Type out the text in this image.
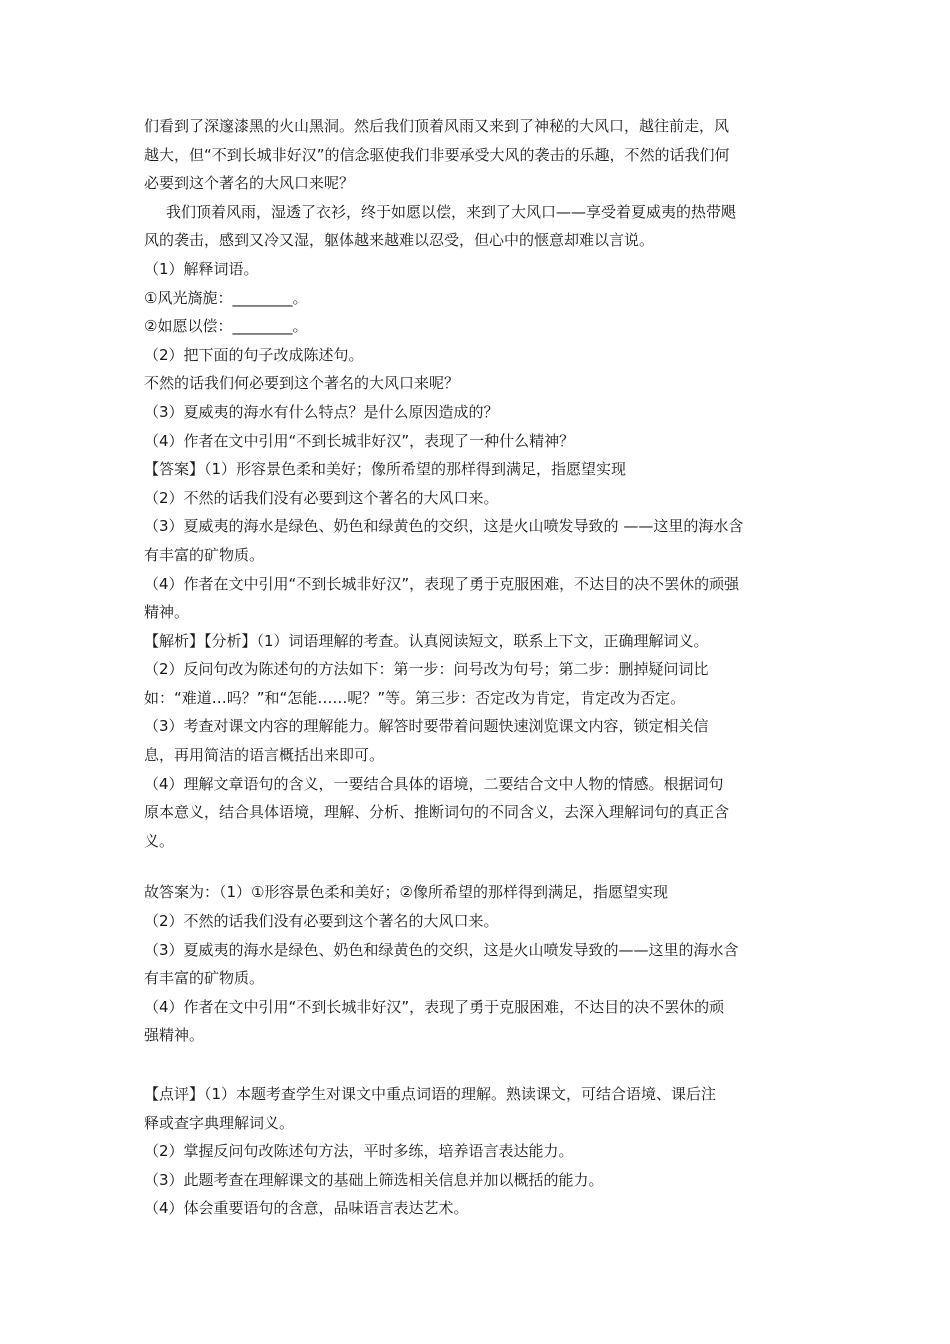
们看到了深邃漆黑的火山黑洞。然后我们顶着风雨又来到了神秘的大风口，越往前走，风
越大，但“不到长城非好汉”的信念驱使我们非要承受大风的袭击的乐趣，不然的话我们何
必要到这个著名的大风口来呢？
我们顶着风雨，湿透了衣衫，终于如愿以偿，来到了大风口——享受着夏威夷的热带飓
风的袭击，感到又冷又湿，躯体越来越难以忍受，但心中的惬意却难以言说。
（1）解释词语。
①风光旖旎：________。
②如愿以偿：________。
（2）把下面的句子改成陈述句。
不然的话我们何必要到这个著名的大风口来呢？
（3）夏威夷的海水有什么特点？是什么原因造成的？
（4）作者在文中引用“不到长城非好汉”，表现了一种什么精神？
【答案】（1）形容景色柔和美好；像所希望的那样得到满足，指愿望实现
（2）不然的话我们没有必要到这个著名的大风口来。
（3）夏威夷的海水是绿色、奶色和绿黄色的交织，这是火山喷发导致的 ——这里的海水含
有丰富的矿物质。
（4）作者在文中引用“不到长城非好汉”，表现了勇于克服困难，不达目的决不罢休的顽强
精神。
【解析】【分析】（1）词语理解的考查。认真阅读短文，联系上下文，正确理解词义。
（2）反问句改为陈述句的方法如下：第一步：问号改为句号；第二步：删掉疑问词比
如：“难道…吗？”和“怎能……呢？”等。第三步：否定改为肯定，肯定改为否定。
（3）考查对课文内容的理解能力。解答时要带着问题快速浏览课文内容，锁定相关信
息，再用简洁的语言概括出来即可。
（4）理解文章语句的含义，一要结合具体的语境，二要结合文中人物的情感。根据词句
原本意义，结合具体语境，理解、分析、推断词句的不同含义，去深入理解词句的真正含
义。
故答案为：（1）①形容景色柔和美好；②像所希望的那样得到满足，指愿望实现
（2）不然的话我们没有必要到这个著名的大风口来。
（3）夏威夷的海水是绿色、奶色和绿黄色的交织，这是火山喷发导致的——这里的海水含
有丰富的矿物质。
（4）作者在文中引用“不到长城非好汉”，表现了勇于克服困难，不达目的决不罢休的顽
强精神。
【点评】（1）本题考查学生对课文中重点词语的理解。熟读课文，可结合语境、课后注
释或查字典理解词义。
（2）掌握反问句改陈述句方法，平时多练，培养语言表达能力。
（3）此题考查在理解课文的基础上筛选相关信息并加以概括的能力。
（4）体会重要语句的含意，品味语言表达艺术。
